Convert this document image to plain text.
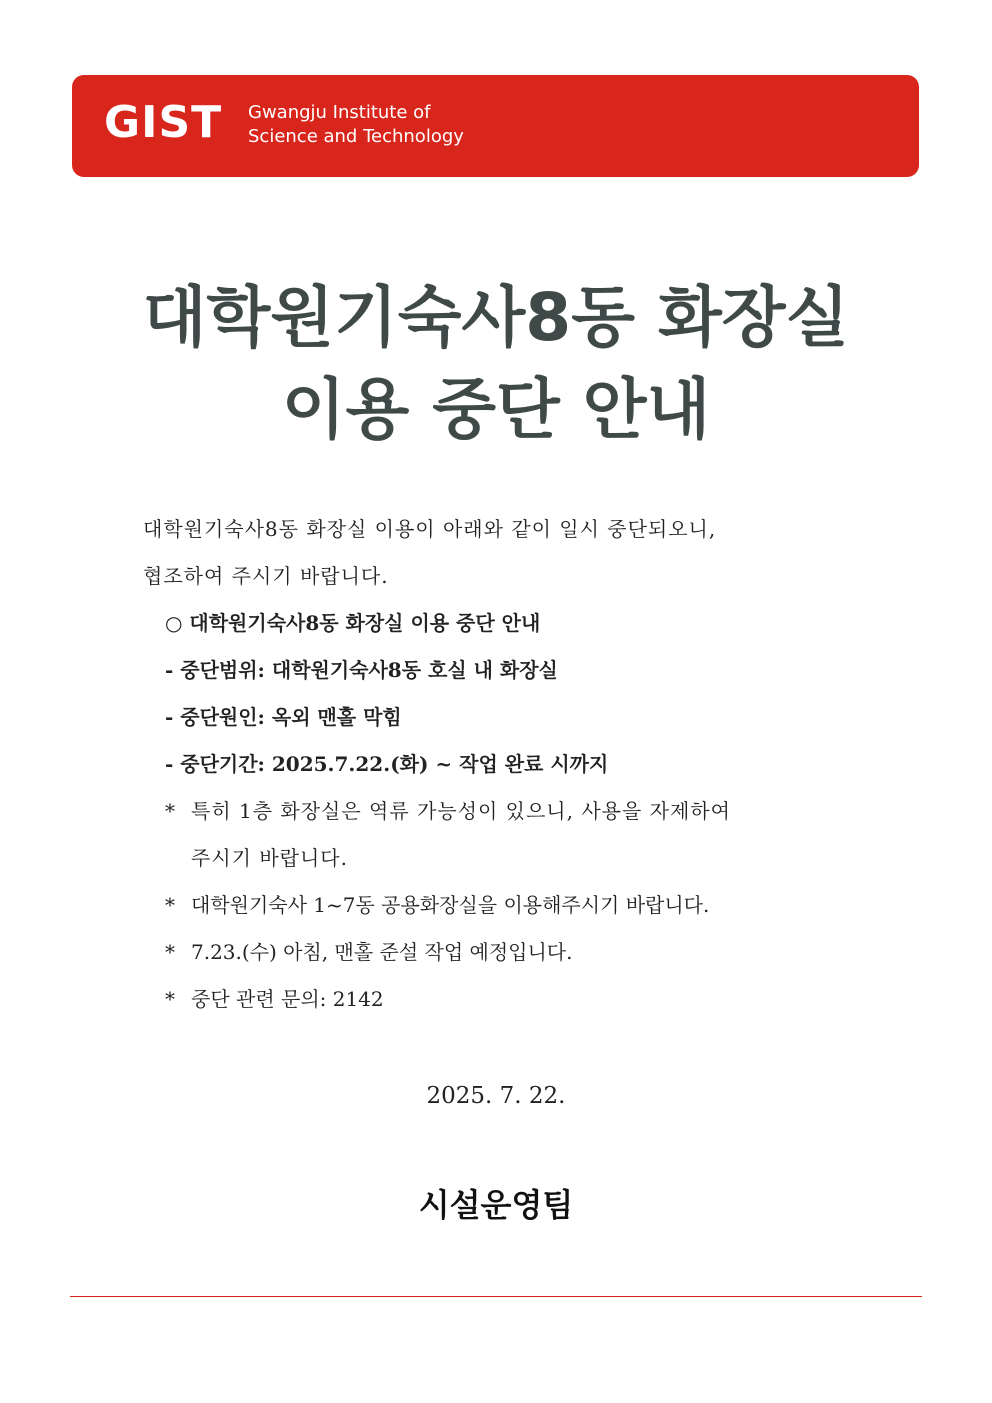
GIST Gwangju Institute of
Science and Technology
대학원기숙사8동 화장실
이용 중단 안내
대학원기숙사8동 화장실 이용이 아래와 같이 일시 중단되오니,
협조하여 주시기 바랍니다.
○ 대학원기숙사8동 화장실 이용 중단 안내
- 중단범위: 대학원기숙사8동 호실 내 화장실
- 중단원인: 옥외 맨홀 막힘
- 중단기간: 2025.7.22.(화) ~ 작업 완료 시까지
* 특히 1층 화장실은 역류 가능성이 있으니, 사용을 자제하여
주시기 바랍니다.
* 대학원기숙사 1~7동 공용화장실을 이용해주시기 바랍니다.
* 7.23.(수) 아침, 맨홀 준설 작업 예정입니다.
* 중단 관련 문의: 2142
2025. 7. 22.
시설운영팀
